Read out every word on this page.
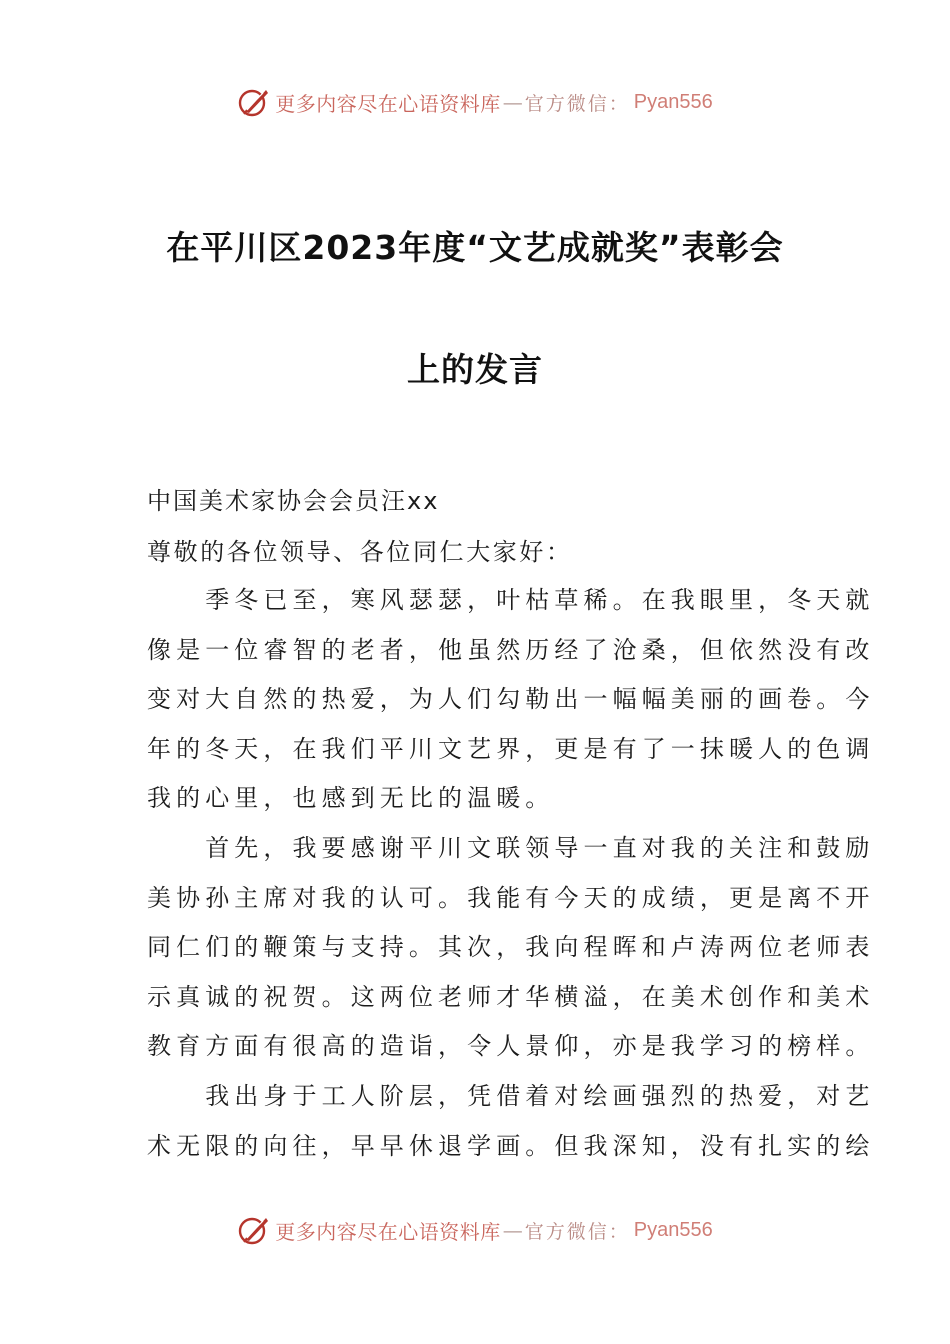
更多内容尽在心语资料库 — 官方微信： Pyan556
在平川区2023年度“文艺成就奖”表彰会
上的发言
中国美术家协会会员汪xx
尊敬的各位领导、各位同仁大家好：
　　季冬已至，寒风瑟瑟，叶枯草稀。在我眼里，冬天就
像是一位睿智的老者，他虽然历经了沧桑，但依然没有改
变对大自然的热爱，为人们勾勒出一幅幅美丽的画卷。今
年的冬天，在我们平川文艺界，更是有了一抹暖人的色调
我的心里，也感到无比的温暖。
　　首先，我要感谢平川文联领导一直对我的关注和鼓励
美协孙主席对我的认可。我能有今天的成绩，更是离不开
同仁们的鞭策与支持。其次，我向程晖和卢涛两位老师表
示真诚的祝贺。这两位老师才华横溢，在美术创作和美术
教育方面有很高的造诣，令人景仰，亦是我学习的榜样。
　　我出身于工人阶层，凭借着对绘画强烈的热爱，对艺
术无限的向往，早早休退学画。但我深知，没有扎实的绘
更多内容尽在心语资料库 — 官方微信： Pyan556
